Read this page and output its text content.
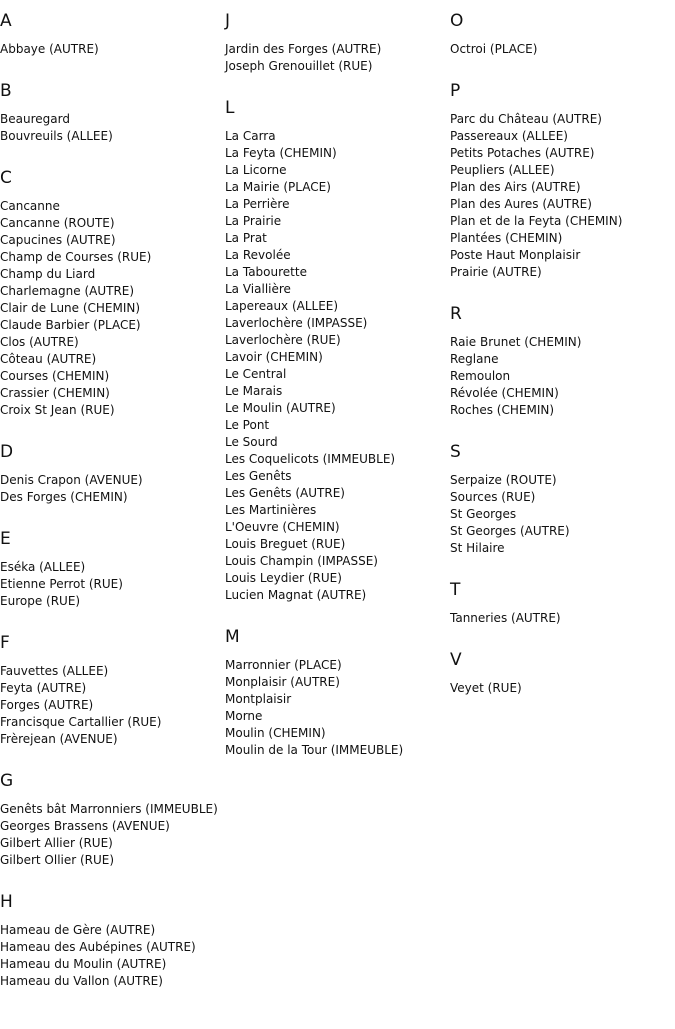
A
Abbaye (AUTRE)
B
Beauregard
Bouvreuils (ALLEE)
C
Cancanne
Cancanne (ROUTE)
Capucines (AUTRE)
Champ de Courses (RUE)
Champ du Liard
Charlemagne (AUTRE)
Clair de Lune (CHEMIN)
Claude Barbier (PLACE)
Clos (AUTRE)
Côteau (AUTRE)
Courses (CHEMIN)
Crassier (CHEMIN)
Croix St Jean (RUE)
D
Denis Crapon (AVENUE)
Des Forges (CHEMIN)
E
Eséka (ALLEE)
Etienne Perrot (RUE)
Europe (RUE)
F
Fauvettes (ALLEE)
Feyta (AUTRE)
Forges (AUTRE)
Francisque Cartallier (RUE)
Frèrejean (AVENUE)
G
Genêts bât Marronniers (IMMEUBLE)
Georges Brassens (AVENUE)
Gilbert Allier (RUE)
Gilbert Ollier (RUE)
H
Hameau de Gère (AUTRE)
Hameau des Aubépines (AUTRE)
Hameau du Moulin (AUTRE)
Hameau du Vallon (AUTRE)
J
Jardin des Forges (AUTRE)
Joseph Grenouillet (RUE)
L
La Carra
La Feyta (CHEMIN)
La Licorne
La Mairie (PLACE)
La Perrière
La Prairie
La Prat
La Revolée
La Tabourette
La Viallière
Lapereaux (ALLEE)
Laverlochère (IMPASSE)
Laverlochère (RUE)
Lavoir (CHEMIN)
Le Central
Le Marais
Le Moulin (AUTRE)
Le Pont
Le Sourd
Les Coquelicots (IMMEUBLE)
Les Genêts
Les Genêts (AUTRE)
Les Martinières
L'Oeuvre (CHEMIN)
Louis Breguet (RUE)
Louis Champin (IMPASSE)
Louis Leydier (RUE)
Lucien Magnat (AUTRE)
M
Marronnier (PLACE)
Monplaisir (AUTRE)
Montplaisir
Morne
Moulin (CHEMIN)
Moulin de la Tour (IMMEUBLE)
O
Octroi (PLACE)
P
Parc du Château (AUTRE)
Passereaux (ALLEE)
Petits Potaches (AUTRE)
Peupliers (ALLEE)
Plan des Airs (AUTRE)
Plan des Aures (AUTRE)
Plan et de la Feyta (CHEMIN)
Plantées (CHEMIN)
Poste Haut Monplaisir
Prairie (AUTRE)
R
Raie Brunet (CHEMIN)
Reglane
Remoulon
Révolée (CHEMIN)
Roches (CHEMIN)
S
Serpaize (ROUTE)
Sources (RUE)
St Georges
St Georges (AUTRE)
St Hilaire
T
Tanneries (AUTRE)
V
Veyet (RUE)
